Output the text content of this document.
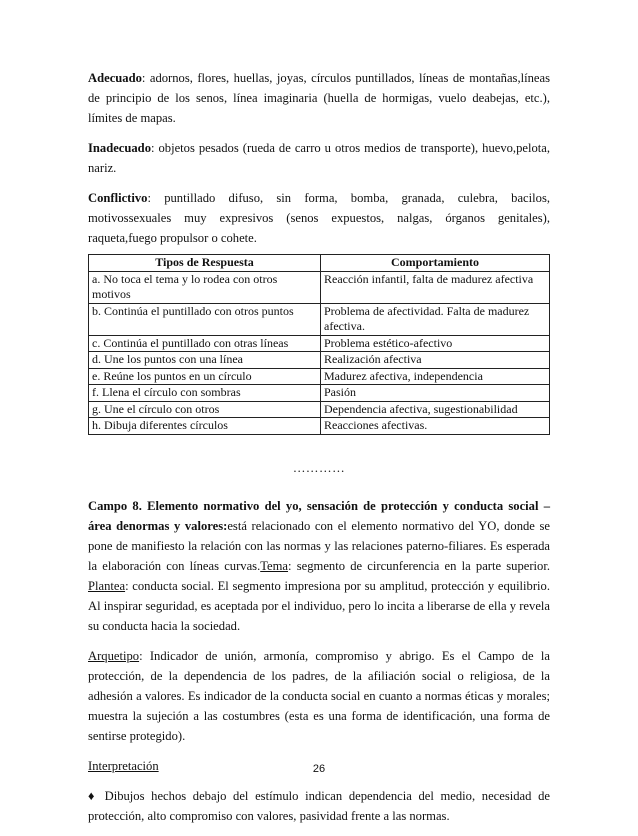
Adecuado: adornos, flores, huellas, joyas, círculos puntillados, líneas de montañas,líneas de principio de los senos, línea imaginaria (huella de hormigas, vuelo deabejas, etc.), límites de mapas.

Inadecuado: objetos pesados (rueda de carro u otros medios de transporte), huevo,pelota, nariz.

Conflictivo: puntillado difuso, sin forma, bomba, granada, culebra, bacilos, motivossexuales muy expresivos (senos expuestos, nalgas, órganos genitales), raqueta,fuego propulsor o cohete.

Tipos de Respuesta	Comportamiento
a. No toca el tema y lo rodea con otros motivos	Reacción infantil, falta de madurez afectiva
b. Continúa el puntillado con otros puntos	Problema de afectividad. Falta de madurez afectiva.
c. Continúa el puntillado con otras líneas	Problema estético-afectivo
d. Une los puntos con una línea	Realización afectiva
e. Reúne los puntos en un círculo	Madurez afectiva, independencia
f. Llena el círculo con sombras	Pasión
g. Une el círculo con otros	Dependencia afectiva, sugestionabilidad
h. Dibuja diferentes círculos	Reacciones afectivas.
…………

Campo 8. Elemento normativo del yo, sensación de protección y conducta social – área denormas y valores:está relacionado con el elemento normativo del YO, donde se pone de manifiesto la relación con las normas y las relaciones paterno-filiares. Es esperada la elaboración con líneas curvas.Tema: segmento de circunferencia en la parte superior. Plantea: conducta social. El segmento impresiona por su amplitud, protección y equilibrio. Al inspirar seguridad, es aceptada por el individuo, pero lo incita a liberarse de ella y revela su conducta hacia la sociedad.

Arquetipo: Indicador de unión, armonía, compromiso y abrigo. Es el Campo de la protección, de la dependencia de los padres, de la afiliación social o religiosa, de la adhesión a valores. Es indicador de la conducta social en cuanto a normas éticas y morales; muestra la sujeción a las costumbres (esta es una forma de identificación, una forma de sentirse protegido).

Interpretación

♦ Dibujos hechos debajo del estímulo indican dependencia del medio, necesidad de protección, alto compromiso con valores, pasividad frente a las normas.

26
